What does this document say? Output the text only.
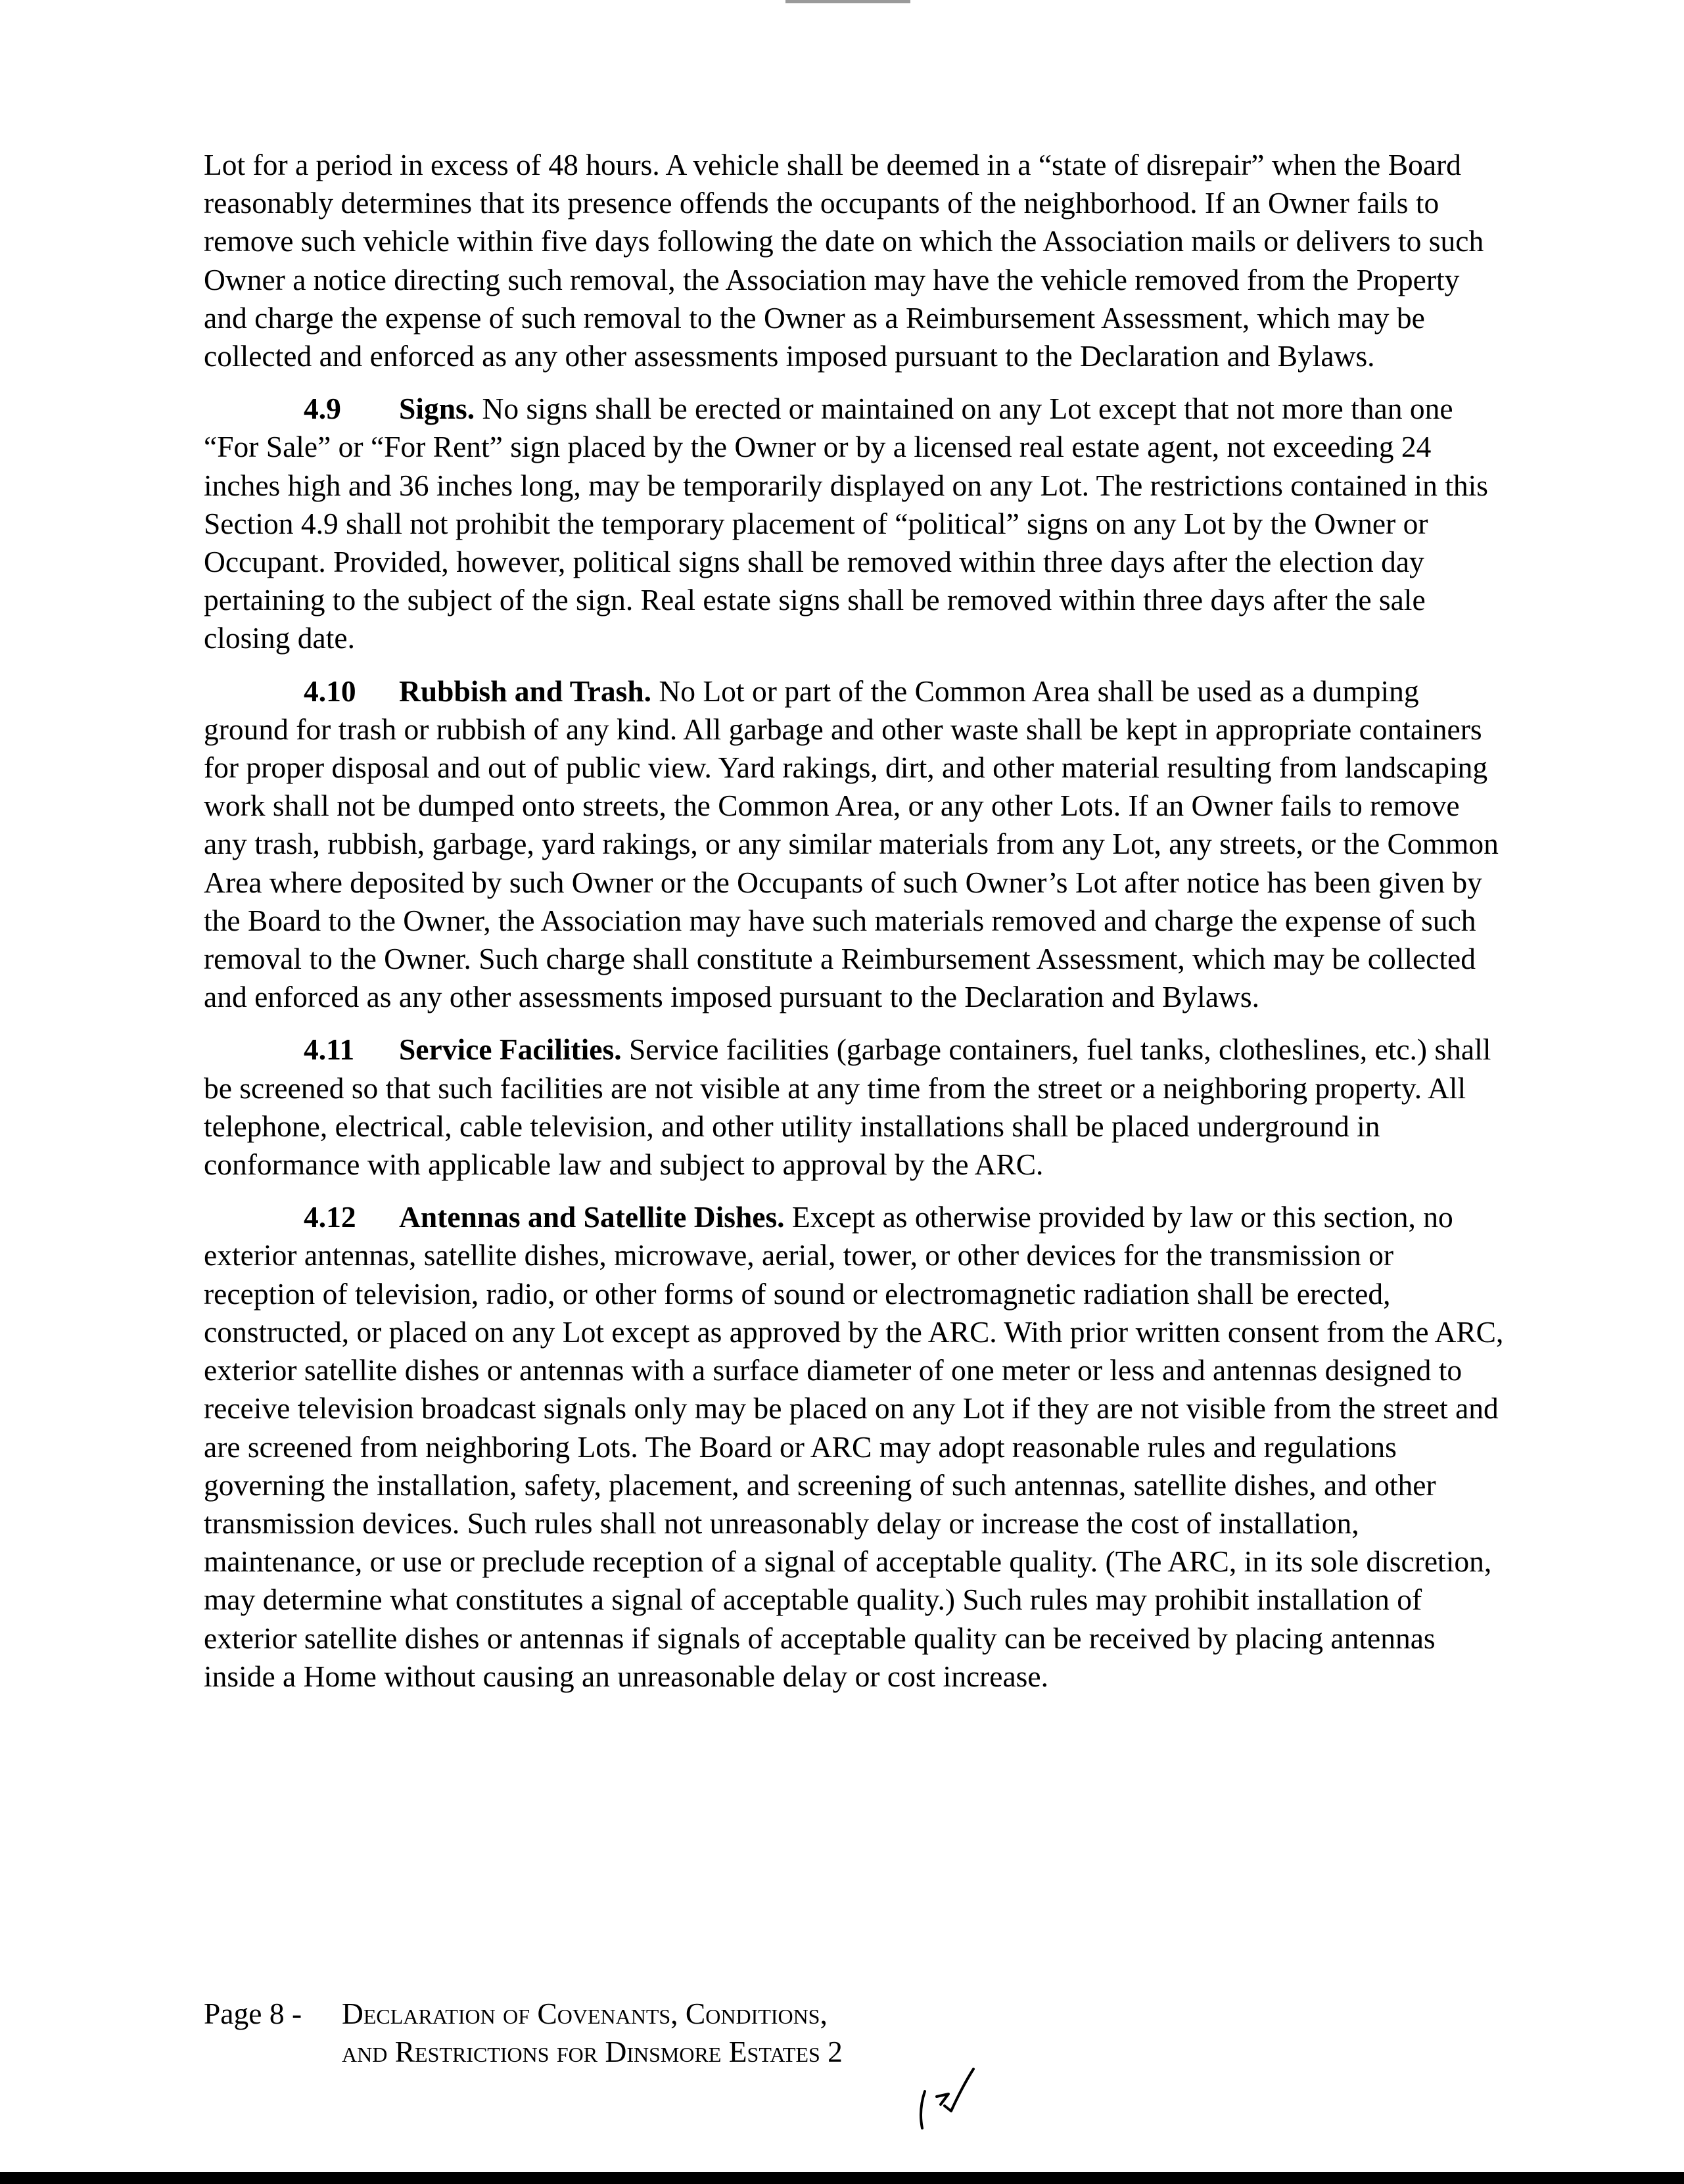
Lot for a period in excess of 48 hours. A vehicle shall be deemed in a “state of disrepair” when the Board reasonably determines that its presence offends the occupants of the neighborhood. If an Owner fails to remove such vehicle within five days following the date on which the Association mails or delivers to such Owner a notice directing such removal, the Association may have the vehicle removed from the Property and charge the expense of such removal to the Owner as a Reimbursement Assessment, which may be collected and enforced as any other assessments imposed pursuant to the Declaration and Bylaws.

4.9 Signs. No signs shall be erected or maintained on any Lot except that not more than one “For Sale” or “For Rent” sign placed by the Owner or by a licensed real estate agent, not exceeding 24 inches high and 36 inches long, may be temporarily displayed on any Lot. The restrictions contained in this Section 4.9 shall not prohibit the temporary placement of “political” signs on any Lot by the Owner or Occupant. Provided, however, political signs shall be removed within three days after the election day pertaining to the subject of the sign. Real estate signs shall be removed within three days after the sale closing date.

4.10 Rubbish and Trash. No Lot or part of the Common Area shall be used as a dumping ground for trash or rubbish of any kind. All garbage and other waste shall be kept in appropriate containers for proper disposal and out of public view. Yard rakings, dirt, and other material resulting from landscaping work shall not be dumped onto streets, the Common Area, or any other Lots. If an Owner fails to remove any trash, rubbish, garbage, yard rakings, or any similar materials from any Lot, any streets, or the Common Area where deposited by such Owner or the Occupants of such Owner’s Lot after notice has been given by the Board to the Owner, the Association may have such materials removed and charge the expense of such removal to the Owner. Such charge shall constitute a Reimbursement Assessment, which may be collected and enforced as any other assessments imposed pursuant to the Declaration and Bylaws.

4.11 Service Facilities. Service facilities (garbage containers, fuel tanks, clotheslines, etc.) shall be screened so that such facilities are not visible at any time from the street or a neighboring property. All telephone, electrical, cable television, and other utility installations shall be placed underground in conformance with applicable law and subject to approval by the ARC.

4.12 Antennas and Satellite Dishes. Except as otherwise provided by law or this section, no exterior antennas, satellite dishes, microwave, aerial, tower, or other devices for the transmission or reception of television, radio, or other forms of sound or electromagnetic radiation shall be erected, constructed, or placed on any Lot except as approved by the ARC. With prior written consent from the ARC, exterior satellite dishes or antennas with a surface diameter of one meter or less and antennas designed to receive television broadcast signals only may be placed on any Lot if they are not visible from the street and are screened from neighboring Lots. The Board or ARC may adopt reasonable rules and regulations governing the installation, safety, placement, and screening of such antennas, satellite dishes, and other transmission devices. Such rules shall not unreasonably delay or increase the cost of installation, maintenance, or use or preclude reception of a signal of acceptable quality. (The ARC, in its sole discretion, may determine what constitutes a signal of acceptable quality.) Such rules may prohibit installation of exterior satellite dishes or antennas if signals of acceptable quality can be received by placing antennas inside a Home without causing an unreasonable delay or cost increase.

Page 8 - Declaration of Covenants, Conditions,
and Restrictions for Dinsmore Estates 2
